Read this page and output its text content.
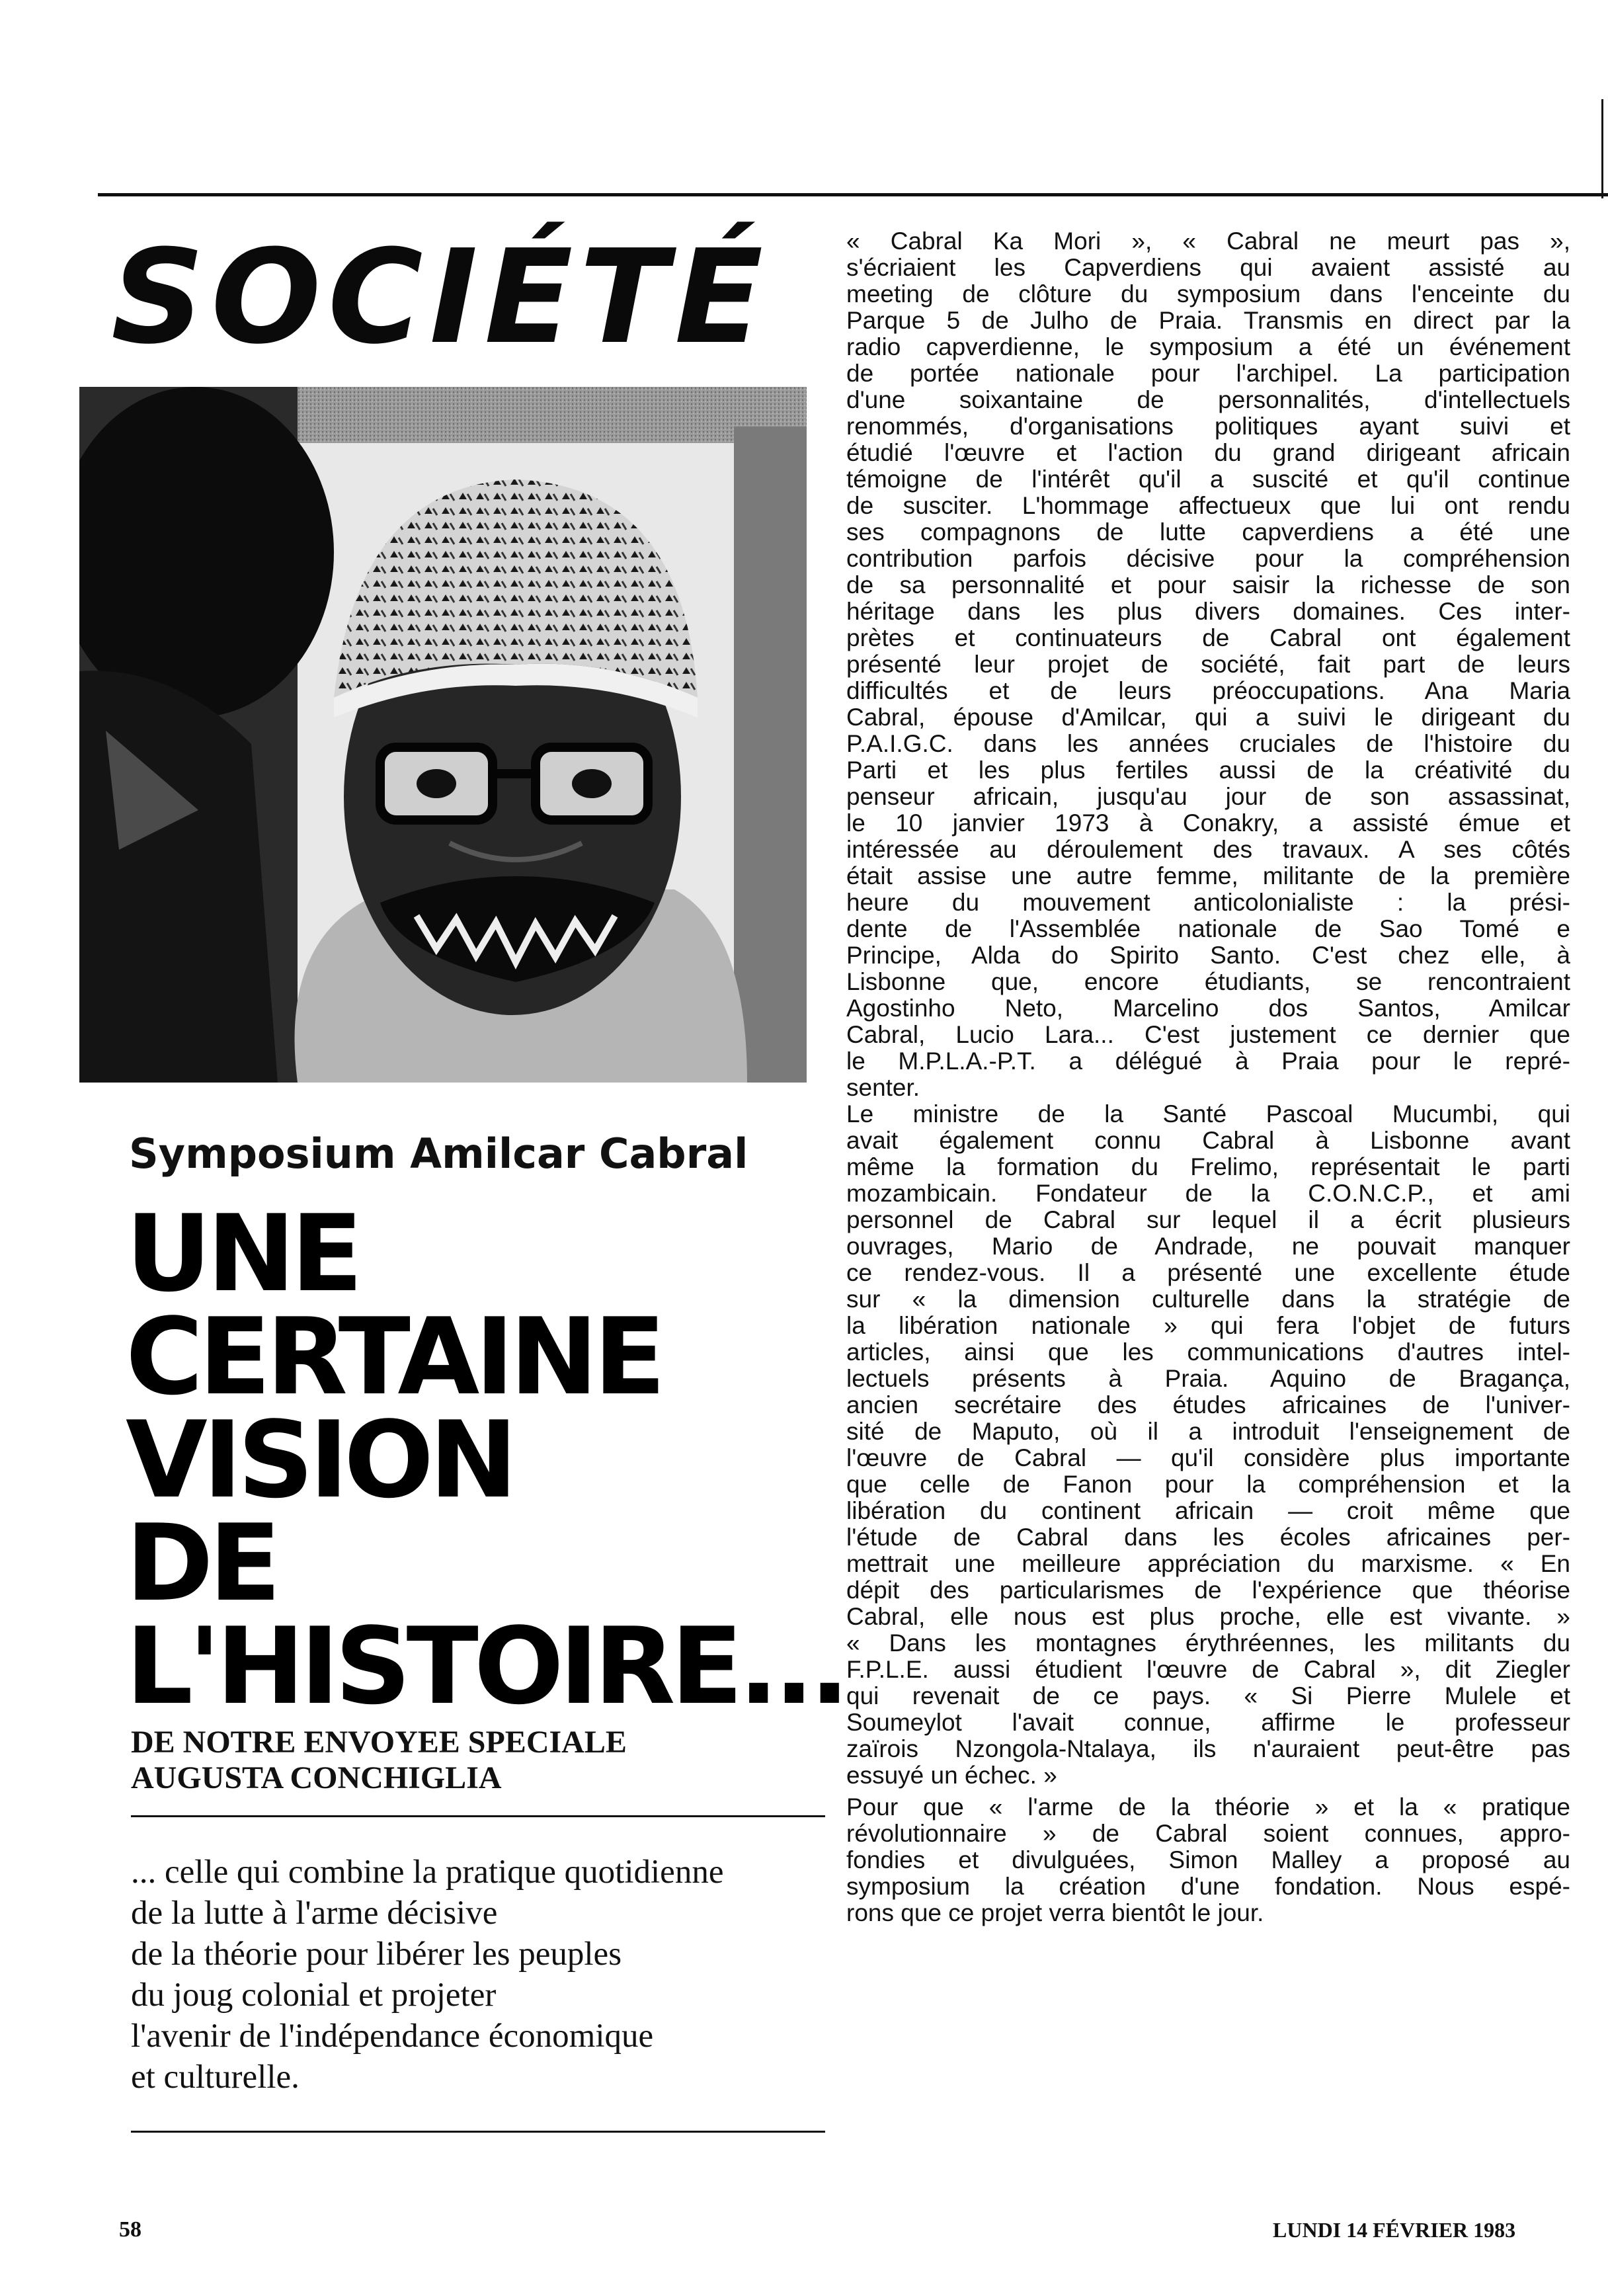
SOCIÉTÉ
Symposium Amilcar Cabral
UNE
CERTAINE
VISION
DE
L'HISTOIRE...
DE NOTRE ENVOYEE SPECIALE
AUGUSTA CONCHIGLIA
... celle qui combine la pratique quotidienne
de la lutte à l'arme décisive
de la théorie pour libérer les peuples
du joug colonial et projeter
l'avenir de l'indépendance économique
et culturelle.
« Cabral Ka Mori », « Cabral ne meurt pas »,
s'écriaient les Capverdiens qui avaient assisté au
meeting de clôture du symposium dans l'enceinte du
Parque 5 de Julho de Praia. Transmis en direct par la
radio capverdienne, le symposium a été un événement
de portée nationale pour l'archipel. La participation
d'une soixantaine de personnalités, d'intellectuels
renommés, d'organisations politiques ayant suivi et
étudié l'œuvre et l'action du grand dirigeant africain
témoigne de l'intérêt qu'il a suscité et qu'il continue
de susciter. L'hommage affectueux que lui ont rendu
ses compagnons de lutte capverdiens a été une
contribution parfois décisive pour la compréhension
de sa personnalité et pour saisir la richesse de son
héritage dans les plus divers domaines. Ces inter-
prètes et continuateurs de Cabral ont également
présenté leur projet de société, fait part de leurs
difficultés et de leurs préoccupations. Ana Maria
Cabral, épouse d'Amilcar, qui a suivi le dirigeant du
P.A.I.G.C. dans les années cruciales de l'histoire du
Parti et les plus fertiles aussi de la créativité du
penseur africain, jusqu'au jour de son assassinat,
le 10 janvier 1973 à Conakry, a assisté émue et
intéressée au déroulement des travaux. A ses côtés
était assise une autre femme, militante de la première
heure du mouvement anticolonialiste : la prési-
dente de l'Assemblée nationale de Sao Tomé e
Principe, Alda do Spirito Santo. C'est chez elle, à
Lisbonne que, encore étudiants, se rencontraient
Agostinho Neto, Marcelino dos Santos, Amilcar
Cabral, Lucio Lara... C'est justement ce dernier que
le M.P.L.A.-P.T. a délégué à Praia pour le repré-
senter.
Le ministre de la Santé Pascoal Mucumbi, qui
avait également connu Cabral à Lisbonne avant
même la formation du Frelimo, représentait le parti
mozambicain. Fondateur de la C.O.N.C.P., et ami
personnel de Cabral sur lequel il a écrit plusieurs
ouvrages, Mario de Andrade, ne pouvait manquer
ce rendez-vous. Il a présenté une excellente étude
sur « la dimension culturelle dans la stratégie de
la libération nationale » qui fera l'objet de futurs
articles, ainsi que les communications d'autres intel-
lectuels présents à Praia. Aquino de Bragança,
ancien secrétaire des études africaines de l'univer-
sité de Maputo, où il a introduit l'enseignement de
l'œuvre de Cabral — qu'il considère plus importante
que celle de Fanon pour la compréhension et la
libération du continent africain — croit même que
l'étude de Cabral dans les écoles africaines per-
mettrait une meilleure appréciation du marxisme. « En
dépit des particularismes de l'expérience que théorise
Cabral, elle nous est plus proche, elle est vivante. »
« Dans les montagnes érythréennes, les militants du
F.P.L.E. aussi étudient l'œuvre de Cabral », dit Ziegler
qui revenait de ce pays. « Si Pierre Mulele et
Soumeylot l'avait connue, affirme le professeur
zaïrois Nzongola-Ntalaya, ils n'auraient peut-être pas
essuyé un échec. »
Pour que « l'arme de la théorie » et la « pratique
révolutionnaire » de Cabral soient connues, appro-
fondies et divulguées, Simon Malley a proposé au
symposium la création d'une fondation. Nous espé-
rons que ce projet verra bientôt le jour.
58	LUNDI 14 FÉVRIER 1983
